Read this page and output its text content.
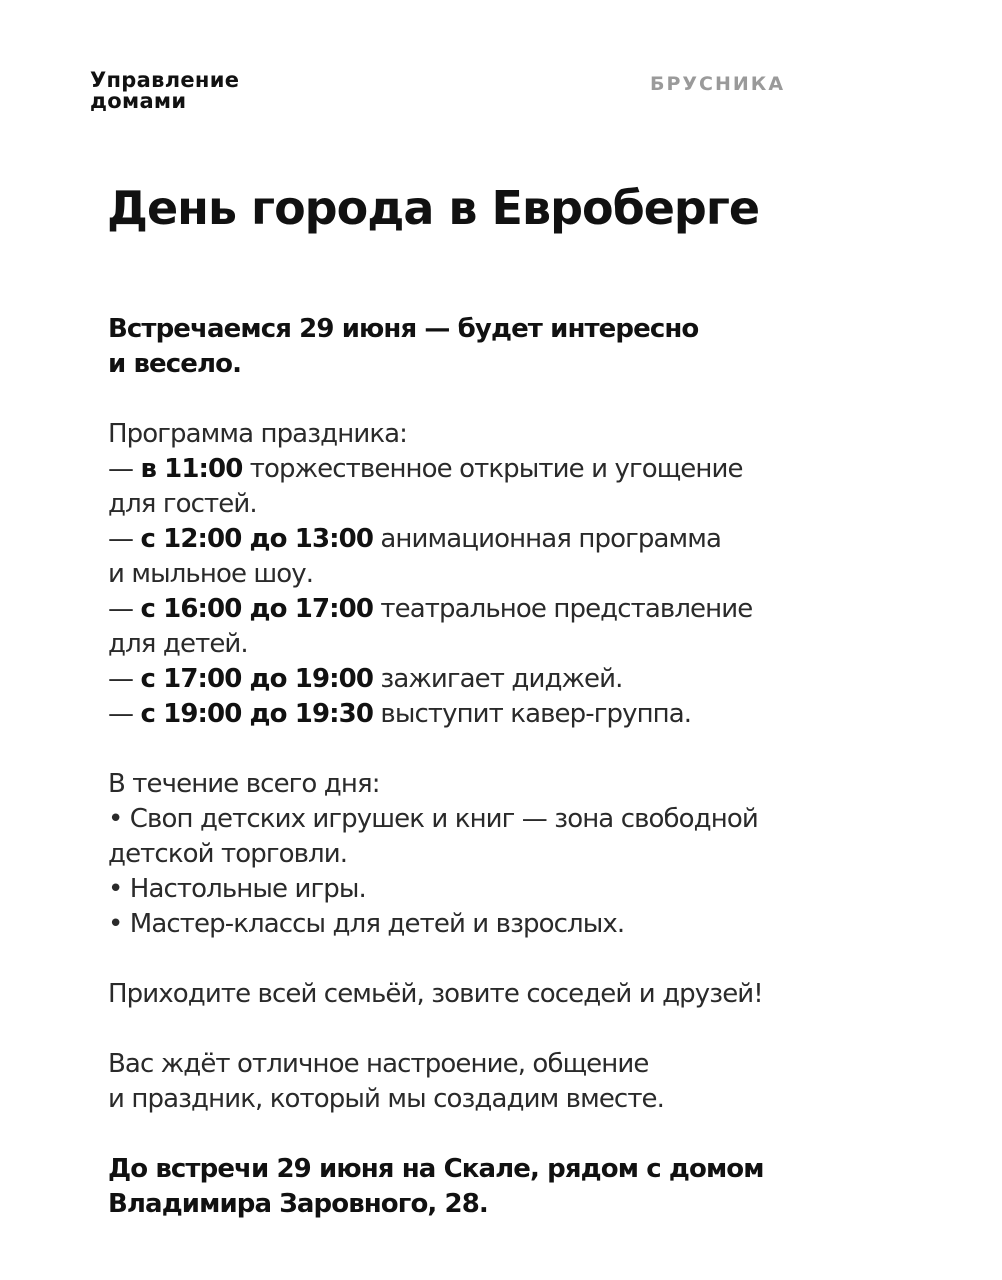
Управление
домами
БРУСНИКА
День города в Евроберге

Встречаемся 29 июня — будет интересно
и весело.

Программа праздника:
— в 11:00 торжественное открытие и угощение
для гостей.
— с 12:00 до 13:00 анимационная программа
и мыльное шоу.
— с 16:00 до 17:00 театральное представление
для детей.
— с 17:00 до 19:00 зажигает диджей.
— с 19:00 до 19:30 выступит кавер-группа.

В течение всего дня:
• Своп детских игрушек и книг — зона свободной
детской торговли.
• Настольные игры.
• Мастер-классы для детей и взрослых.

Приходите всей семьёй, зовите соседей и друзей!

Вас ждёт отличное настроение, общение
и праздник, который мы создадим вместе.

До встречи 29 июня на Скале, рядом с домом
Владимира Заровного, 28.
